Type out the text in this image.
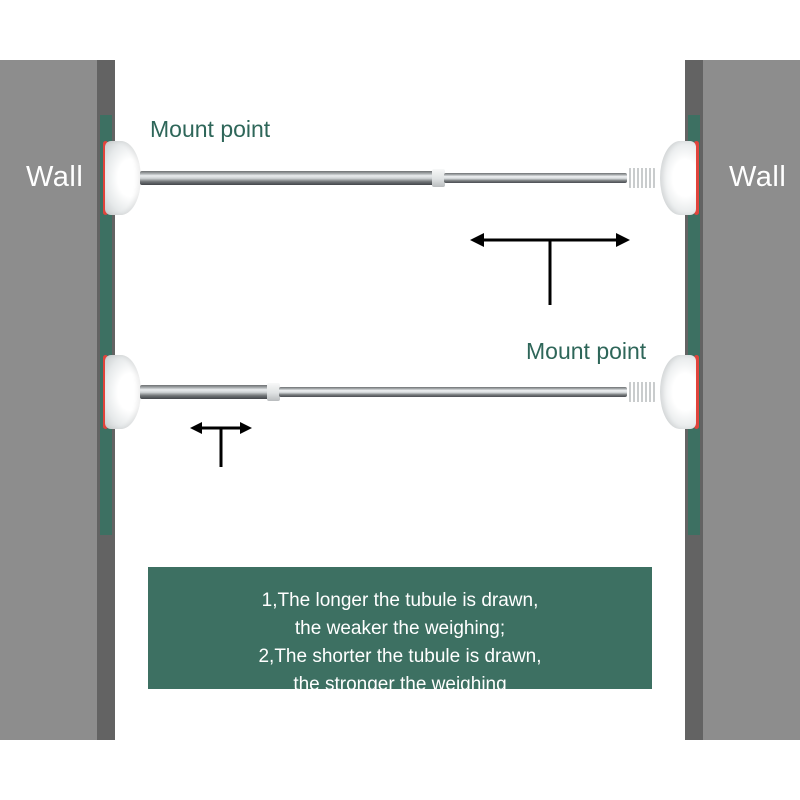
Wall	Wall
Mount point
Mount point
1,The longer the tubule is drawn,
the weaker the weighing;
2,The shorter the tubule is drawn,
the stronger the weighing
